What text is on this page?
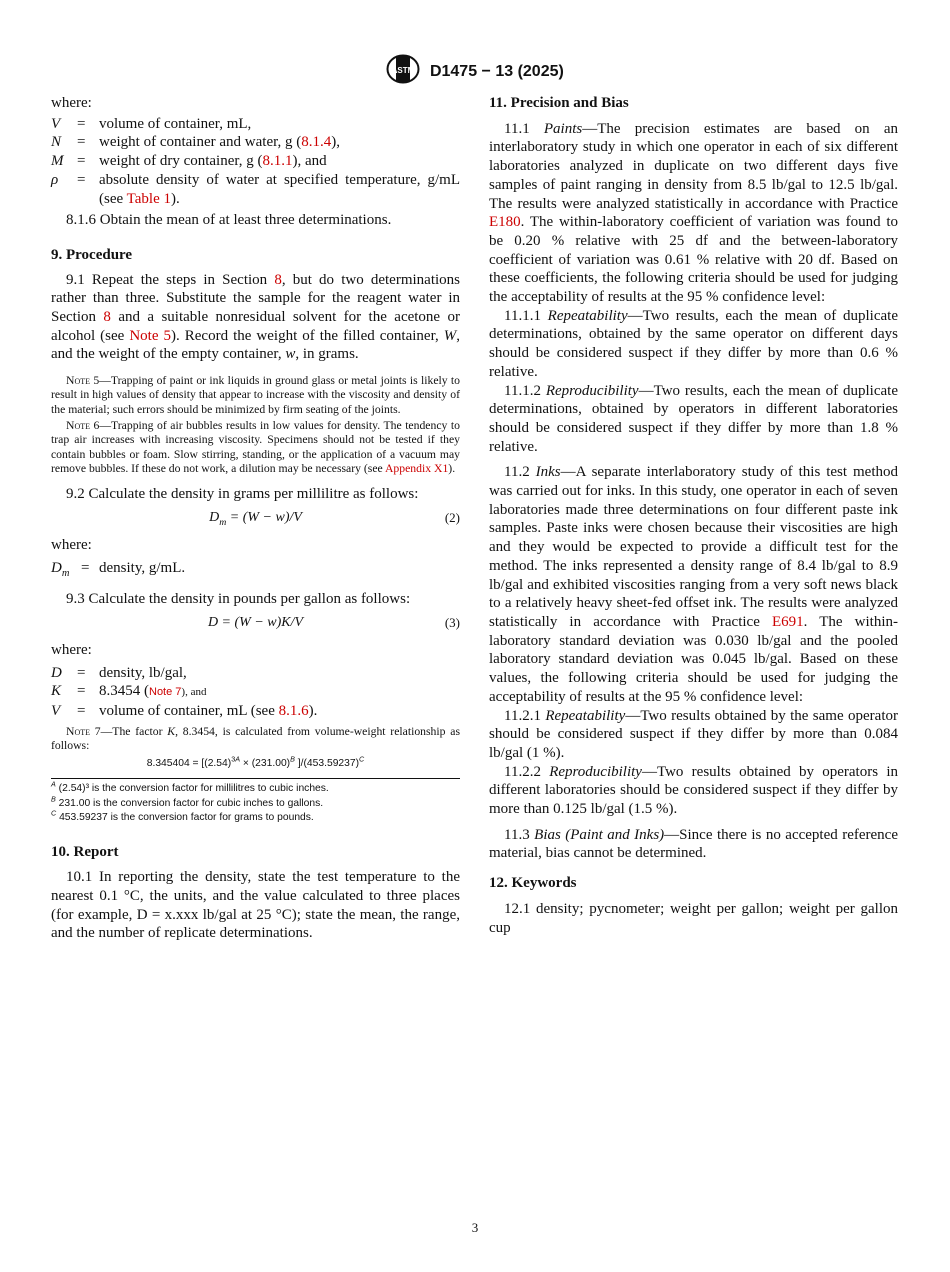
ASTM D1475 − 13 (2025)

where:

V	=	volume of container, mL,
N	=	weight of container and water, g (8.1.4),
M	=	weight of dry container, g (8.1.1), and
ρ	=	absolute density of water at specified temperature, g/mL (see Table 1).

8.1.6 Obtain the mean of at least three determinations.

9. Procedure

9.1 Repeat the steps in Section 8, but do two determinations rather than three. Substitute the sample for the reagent water in Section 8 and a suitable nonresidual solvent for the acetone or alcohol (see Note 5). Record the weight of the filled container, W, and the weight of the empty container, w, in grams.

Note 5—Trapping of paint or ink liquids in ground glass or metal joints is likely to result in high values of density that appear to increase with the viscosity and density of the material; such errors should be minimized by firm seating of the joints.

Note 6—Trapping of air bubbles results in low values for density. The tendency to trap air increases with increasing viscosity. Specimens should not be tested if they contain bubbles or foam. Slow stirring, standing, or the application of a vacuum may remove bubbles. If these do not work, a dilution may be necessary (see Appendix X1).

9.2 Calculate the density in grams per millilitre as follows:

$D_m = (W - w)/V$	(2)

where:

$D_m$	=	density, g/mL.

9.3 Calculate the density in pounds per gallon as follows:

D = (W − w)K/V	(3)

where:

D	=	density, lb/gal,
K	=	8.3454 (Note 7), and
V	=	volume of container, mL (see 8.1.6).

Note 7—The factor K, 8.3454, is calculated from volume-weight relationship as follows:

$8.345404 = [(2.54)^{3A} \times (231.00)^B$ ]$/(453.59237)^C$
$^A$ (2.54)³ is the conversion factor for millilitres to cubic inches.
$^B$ 231.00 is the conversion factor for cubic inches to gallons.
$^C$ 453.59237 is the conversion factor for grams to pounds.

10. Report

10.1 In reporting the density, state the test temperature to the nearest 0.1 °C, the units, and the value calculated to three places (for example, D = x.xxx lb/gal at 25 °C); state the mean, the range, and the number of replicate determinations.

11. Precision and Bias

11.1 Paints—The precision estimates are based on an interlaboratory study in which one operator in each of six different laboratories analyzed in duplicate on two different days five samples of paint ranging in density from 8.5 lb/gal to 12.5 lb/gal. The results were analyzed statistically in accordance with Practice E180. The within-laboratory coefficient of variation was found to be 0.20 % relative with 25 df and the between-laboratory coefficient of variation was 0.61 % relative with 20 df. Based on these coefficients, the following criteria should be used for judging the acceptability of results at the 95 % confidence level:

11.1.1 Repeatability—Two results, each the mean of duplicate determinations, obtained by the same operator on different days should be considered suspect if they differ by more than 0.6 % relative.

11.1.2 Reproducibility—Two results, each the mean of duplicate determinations, obtained by operators in different laboratories should be considered suspect if they differ by more than 1.8 % relative.

11.2 Inks—A separate interlaboratory study of this test method was carried out for inks. In this study, one operator in each of seven laboratories made three determinations on four different paste ink samples. Paste inks were chosen because their viscosities are high and they would be expected to provide a difficult test for the method. The inks represented a density range of 8.4 lb/gal to 8.9 lb/gal and exhibited viscosities ranging from a very soft news black to a relatively heavy sheet-fed offset ink. The results were analyzed statistically in accordance with Practice E691. The within-laboratory standard deviation was 0.030 lb/gal and the pooled laboratory standard deviation was 0.045 lb/gal. Based on these values, the following criteria should be used for judging the acceptability of results at the 95 % confidence level:

11.2.1 Repeatability—Two results obtained by the same operator should be considered suspect if they differ by more than 0.084 lb/gal (1 %).

11.2.2 Reproducibility—Two results obtained by operators in different laboratories should be considered suspect if they differ by more than 0.125 lb/gal (1.5 %).

11.3 Bias (Paint and Inks)—Since there is no accepted reference material, bias cannot be determined.

12. Keywords

12.1 density; pycnometer; weight per gallon; weight per gallon cup

3
